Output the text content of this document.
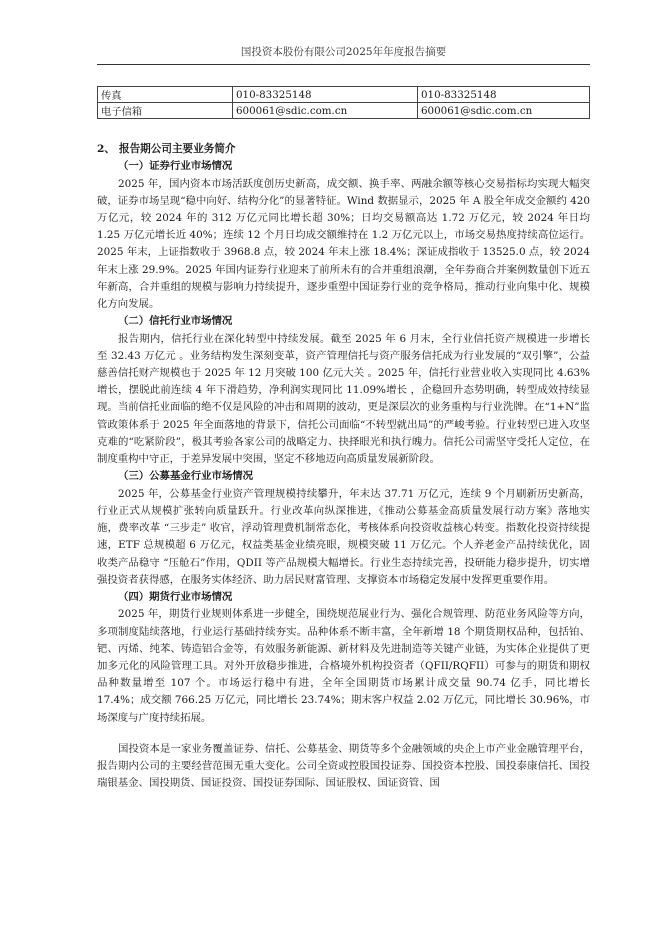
国投资本股份有限公司2025年年度报告摘要
传真	010-83325148	010-83325148
电子信箱	600061@sdic.com.cn	600061@sdic.com.cn
2、 报告期公司主要业务简介
（一）证券行业市场情况

2025 年，国内资本市场活跃度创历史新高，成交额、换手率、两融余额等核心交易指标均实现大幅突破，证券市场呈现“稳中向好、结构分化”的显著特征。Wind 数据显示，2025 年 A 股全年成交金额约 420 万亿元，较 2024 年的 312 万亿元同比增长超 30%；日均交易额高达 1.72 万亿元，较 2024 年日均 1.25 万亿元增长近 40%；连续 12 个月日均成交额维持在 1.2 万亿元以上，市场交易热度持续高位运行。2025 年末，上证指数收于 3968.8 点，较 2024 年末上涨 18.4%；深证成指收于 13525.0 点，较 2024 年末上涨 29.9%。2025 年国内证券行业迎来了前所未有的合并重组浪潮，全年券商合并案例数量创下近五年新高，合并重组的规模与影响力持续提升，逐步重塑中国证券行业的竞争格局，推动行业向集中化、规模化方向发展。

（二）信托行业市场情况

报告期内，信托行业在深化转型中持续发展。截至 2025 年 6 月末，全行业信托资产规模进一步增长至 32.43 万亿元 。业务结构发生深刻变革，资产管理信托与资产服务信托成为行业发展的“双引擎”，公益慈善信托财产规模也于 2025 年 12 月突破 100 亿元大关 。2025 年，信托行业营业收入实现同比 4.63%增长，摆脱此前连续 4 年下滑趋势，净利润实现同比 11.09%增长 ，企稳回升态势明确，转型成效持续显现。当前信托业面临的绝不仅是风险的冲击和周期的波动，更是深层次的业务重构与行业洗牌。在“1+N”监管政策体系于 2025 年全面落地的背景下，信托公司面临“不转型就出局”的严峻考验。行业转型已进入攻坚克难的“吃紧阶段”，极其考验各家公司的战略定力、抉择眼光和执行魄力。信托公司需坚守受托人定位，在制度重构中守正，于差异发展中突围，坚定不移地迈向高质量发展新阶段。

（三）公募基金行业市场情况

2025 年，公募基金行业资产管理规模持续攀升，年末达 37.71 万亿元，连续 9 个月刷新历史新高，行业正式从规模扩张转向质量跃升。行业改革向纵深推进，《推动公募基金高质量发展行动方案》落地实施，费率改革 “三步走” 收官，浮动管理费机制常态化，考核体系向投资收益核心转变。指数化投资持续提速，ETF 总规模超 6 万亿元，权益类基金业绩亮眼，规模突破 11 万亿元。个人养老金产品持续优化，固收类产品稳守 “压舱石”作用，QDII 等产品规模大幅增长。行业生态持续完善，投研能力稳步提升，切实增强投资者获得感，在服务实体经济、助力居民财富管理、支撑资本市场稳定发展中发挥更重要作用。

（四）期货行业市场情况

2025 年，期货行业规则体系进一步健全，围绕规范展业行为、强化合规管理、防范业务风险等方向，多项制度陆续落地，行业运行基础持续夯实。品种体系不断丰富，全年新增 18 个期货期权品种，包括铂、钯、丙烯、纯苯、铸造铝合金等，有效服务新能源、新材料及先进制造等关键产业链，为实体企业提供了更加多元化的风险管理工具。对外开放稳步推进，合格境外机构投资者（QFII/RQFII）可参与的期货和期权品种数量增至 107 个。市场运行稳中有进，全年全国期货市场累计成交量 90.74 亿手，同比增长 17.4%；成交额 766.25 万亿元，同比增长 23.74%；期末客户权益 2.02 万亿元，同比增长 30.96%，市场深度与广度持续拓展。

国投资本是一家业务覆盖证券、信托、公募基金、期货等多个金融领域的央企上市产业金融管理平台，报告期内公司的主要经营范围无重大变化。公司全资或控股国投证券、国投资本控股、国投泰康信托、国投瑞银基金、国投期货、国证投资、国投证券国际、国证股权、国证资管、国
